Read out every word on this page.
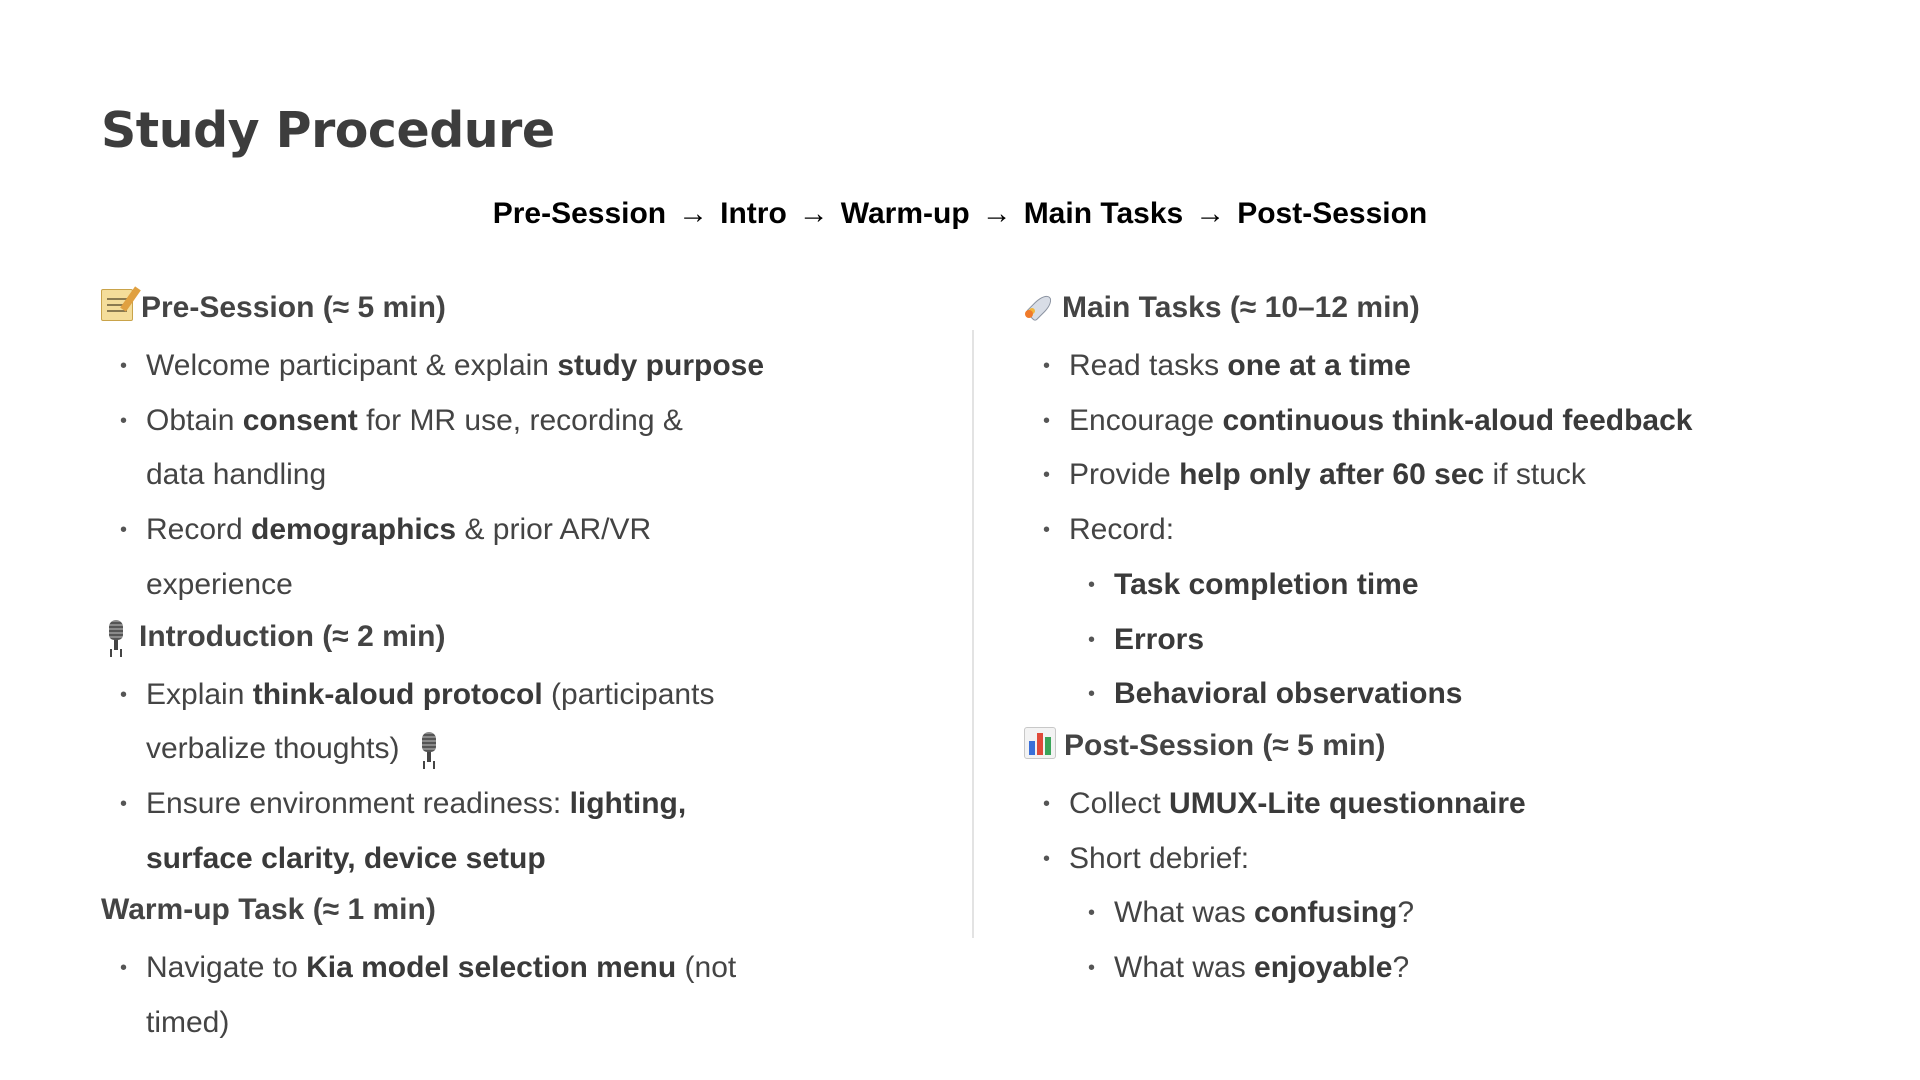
Study Procedure
Pre-Session → Intro → Warm-up → Main Tasks → Post-Session
Pre-Session (≈ 5 min)
• Welcome participant & explain study purpose
• Obtain consent for MR use, recording & data handling
• Record demographics & prior AR/VR experience
Introduction (≈ 2 min)
• Explain think-aloud protocol (participants verbalize thoughts)
• Ensure environment readiness: lighting, surface clarity, device setup
Warm-up Task (≈ 1 min)
• Navigate to Kia model selection menu (not timed)
Main Tasks (≈ 10–12 min)
• Read tasks one at a time
• Encourage continuous think-aloud feedback
• Provide help only after 60 sec if stuck
• Record:
• Task completion time
• Errors
• Behavioral observations
Post-Session (≈ 5 min)
• Collect UMUX-Lite questionnaire
• Short debrief:
• What was confusing?
• What was enjoyable?
